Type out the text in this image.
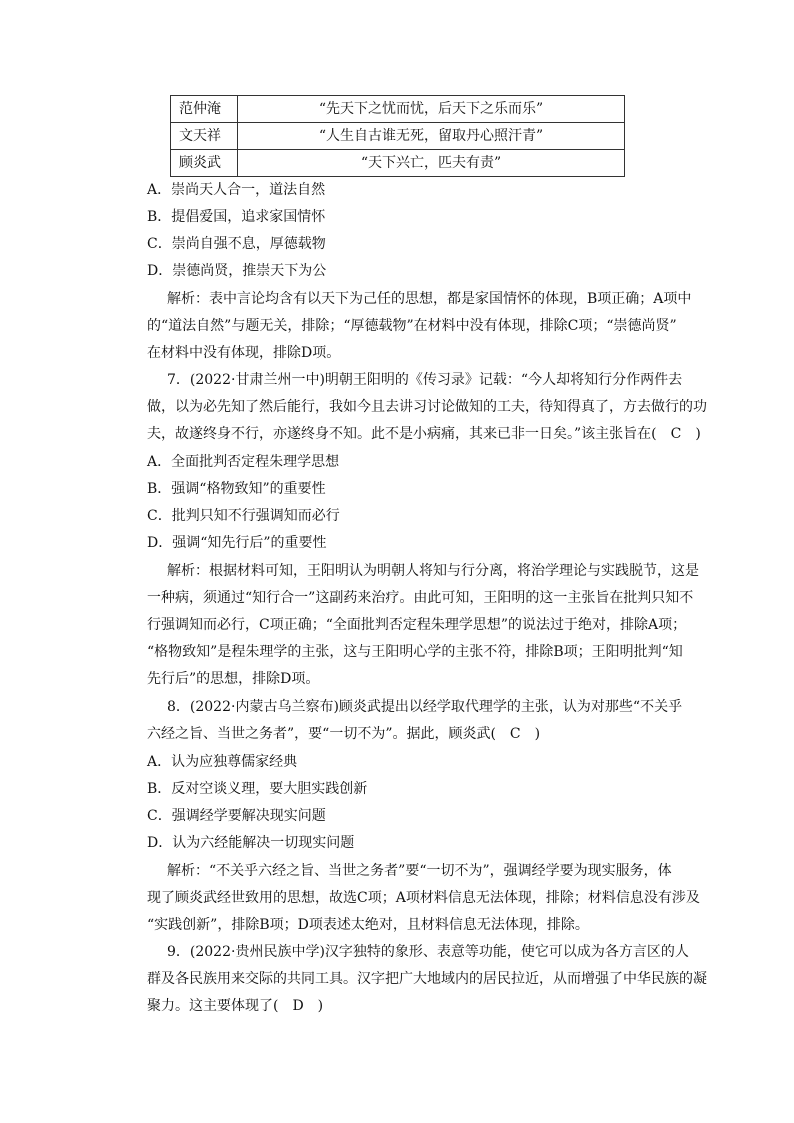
范仲淹	“先天下之忧而忧，后天下之乐而乐”
文天祥	“人生自古谁无死，留取丹心照汗青”
顾炎武	“天下兴亡，匹夫有责”
A．崇尚天人合一，道法自然
B．提倡爱国，追求家国情怀
C．崇尚自强不息，厚德载物
D．崇德尚贤，推崇天下为公
解析：表中言论均含有以天下为己任的思想，都是家国情怀的体现，B项正确；A项中
的“道法自然”与题无关，排除；“厚德载物”在材料中没有体现，排除C项；“崇德尚贤”
在材料中没有体现，排除D项。
7．(2022·甘肃兰州一中)明朝王阳明的《传习录》记载：“今人却将知行分作两件去
做，以为必先知了然后能行，我如今且去讲习讨论做知的工夫，待知得真了，方去做行的功
夫，故遂终身不行，亦遂终身不知。此不是小病痛，其来已非一日矣。”该主张旨在(　C　)
A．全面批判否定程朱理学思想
B．强调“格物致知”的重要性
C．批判只知不行强调知而必行
D．强调“知先行后”的重要性
解析：根据材料可知，王阳明认为明朝人将知与行分离，将治学理论与实践脱节，这是
一种病，须通过“知行合一”这副药来治疗。由此可知，王阳明的这一主张旨在批判只知不
行强调知而必行，C项正确；“全面批判否定程朱理学思想”的说法过于绝对，排除A项；
“格物致知”是程朱理学的主张，这与王阳明心学的主张不符，排除B项；王阳明批判“知
先行后”的思想，排除D项。
8．(2022·内蒙古乌兰察布)顾炎武提出以经学取代理学的主张，认为对那些“不关乎
六经之旨、当世之务者”，要“一切不为”。据此，顾炎武(　C　)
A．认为应独尊儒家经典
B．反对空谈义理，要大胆实践创新
C．强调经学要解决现实问题
D．认为六经能解决一切现实问题
解析：“不关乎六经之旨、当世之务者”要“一切不为”，强调经学要为现实服务，体
现了顾炎武经世致用的思想，故选C项；A项材料信息无法体现，排除；材料信息没有涉及
“实践创新”，排除B项；D项表述太绝对，且材料信息无法体现，排除。
9．(2022·贵州民族中学)汉字独特的象形、表意等功能，使它可以成为各方言区的人
群及各民族用来交际的共同工具。汉字把广大地域内的居民拉近，从而增强了中华民族的凝
聚力。这主要体现了(　D　)
